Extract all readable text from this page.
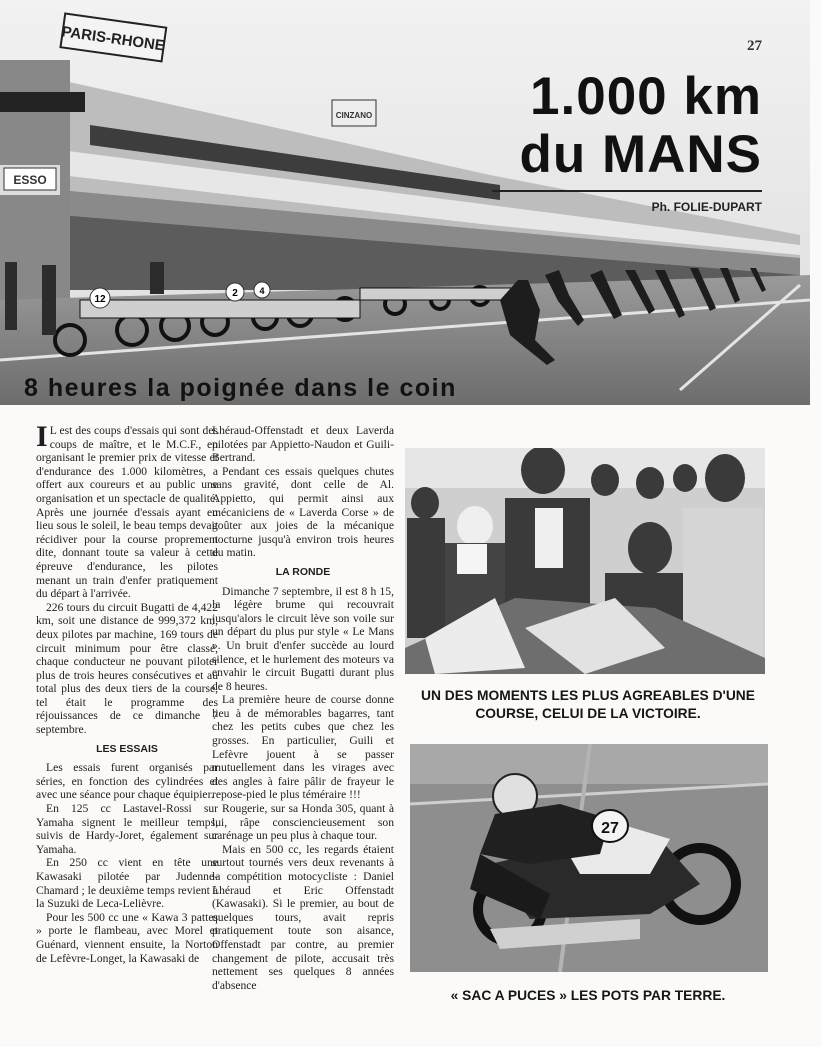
PARIS-RHONE
ESSO
CINZANO
12
2 4
27
1.000 km
du MANS
Ph. FOLIE-DUPART
8 heures la poignée dans le coin

I L est des coups d'essais qui sont des coups de maître, et le M.C.F., en organisant le premier prix de vitesse et d'endurance des 1.000 kilomètres, a offert aux coureurs et au public une organisation et un spectacle de qualité. Après une journée d'essais ayant eu lieu sous le soleil, le beau temps devait récidiver pour la course proprement dite, donnant toute sa valeur à cette épreuve d'endurance, les pilotes menant un train d'enfer pratiquement du départ à l'arrivée.

226 tours du circuit Bugatti de 4,422 km, soit une distance de 999,372 km, deux pilotes par machine, 169 tours de circuit minimum pour être classé, chaque conducteur ne pouvant piloter plus de trois heures consécutives et au total plus des deux tiers de la course, tel était le programme des réjouissances de ce dimanche 7 septembre.

LES ESSAIS

Les essais furent organisés par séries, en fonction des cylindrées et avec une séance pour chaque équipier.

En 125 cc Lastavel-Rossi sur Yamaha signent le meilleur temps, suivis de Hardy-Joret, également sur Yamaha.

En 250 cc vient en tête une Kawasaki pilotée par Judenne-Chamard ; le deuxième temps revient à la Suzuki de Leca-Lelièvre.

Pour les 500 cc une « Kawa 3 pattes » porte le flambeau, avec Morel et Guénard, viennent ensuite, la Norton de Lefèvre-Longet, la Kawasaki de

Lhéraud-Offenstadt et deux Laverda pilotées par Appietto-Naudon et Guili-Bertrand.

Pendant ces essais quelques chutes sans gravité, dont celle de Al. Appietto, qui permit ainsi aux mécaniciens de « Laverda Corse » de goûter aux joies de la mécanique nocturne jusqu'à environ trois heures du matin.

LA RONDE

Dimanche 7 septembre, il est 8 h 15, la légère brume qui recouvrait jusqu'alors le circuit lève son voile sur un départ du plus pur style « Le Mans ». Un bruit d'enfer succède au lourd silence, et le hurlement des moteurs va envahir le circuit Bugatti durant plus de 8 heures.

La première heure de course donne lieu à de mémorables bagarres, tant chez les petits cubes que chez les grosses. En particulier, Guili et Lefèvre jouent à se passer mutuellement dans les virages avec des angles à faire pâlir de frayeur le repose-pied le plus téméraire !!!

Rougerie, sur sa Honda 305, quant à lui, râpe consciencieusement son carénage un peu plus à chaque tour.

Mais en 500 cc, les regards étaient surtout tournés vers deux revenants à la compétition motocycliste : Daniel Lhéraud et Eric Offenstadt (Kawasaki). Si le premier, au bout de quelques tours, avait repris pratiquement toute son aisance, Offenstadt par contre, au premier changement de pilote, accusait très nettement ses quelques 8 années d'absence

UN DES MOMENTS LES PLUS AGREABLES D'UNE COURSE, CELUI DE LA VICTOIRE.
27
« SAC A PUCES » LES POTS PAR TERRE.
